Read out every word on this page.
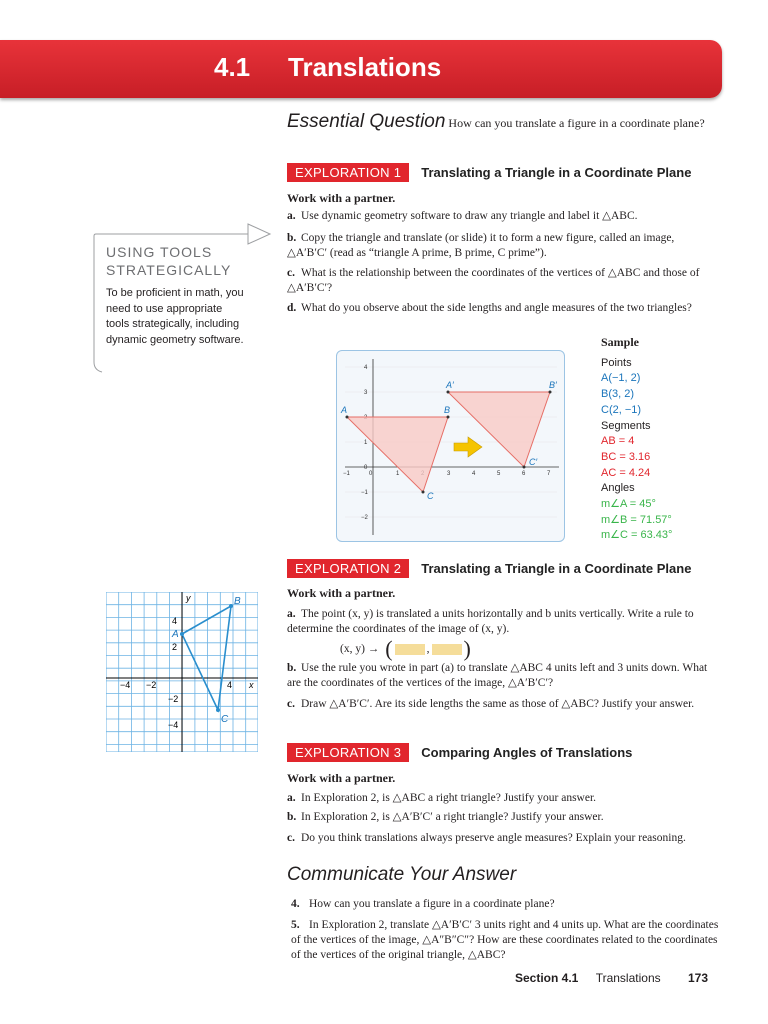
4.1 Translations
Essential Question How can you translate a figure in a coordinate plane?
EXPLORATION 1	Translating a Triangle in a Coordinate Plane
Work with a partner.
a. Use dynamic geometry software to draw any triangle and label it △ABC.
b. Copy the triangle and translate (or slide) it to form a new figure, called an image, △A′B′C′ (read as “triangle A prime, B prime, C prime”).
c. What is the relationship between the coordinates of the vertices of △ABC and those of △A′B′C′?
d. What do you observe about the side lengths and angle measures of the two triangles?
USING TOOLS STRATEGICALLY
To be proficient in math, you need to use appropriate tools strategically, including dynamic geometry software.
−1	0	1	3	4	5	6	7
4
3
1
0
−1
−2
A	B
C
A′	B′
C′
Sample
Points
A(−1, 2)
B(3, 2)
C(2, −1)
Segments
AB = 4
BC = 3.16
AC = 4.24
Angles
m∠A = 45°
m∠B = 71.57°
m∠C = 63.43°
EXPLORATION 2	Translating a Triangle in a Coordinate Plane
Work with a partner.
a. The point (x, y) is translated a units horizontally and b units vertically. Write a rule to determine the coordinates of the image of (x, y).
(x, y) → (	, )
b. Use the rule you wrote in part (a) to translate △ABC 4 units left and 3 units down. What are the coordinates of the vertices of the image, △A′B′C′?
c. Draw △A′B′C′. Are its side lengths the same as those of △ABC? Justify your answer.
−4 −2	4 x
y
4
2
−2
−4
A
B
C
EXPLORATION 3	Comparing Angles of Translations
Work with a partner.
a. In Exploration 2, is △ABC a right triangle? Justify your answer.
b. In Exploration 2, is △A′B′C′ a right triangle? Justify your answer.
c. Do you think translations always preserve angle measures? Explain your reasoning.
Communicate Your Answer
4. How can you translate a figure in a coordinate plane?
5. In Exploration 2, translate △A′B′C′ 3 units right and 4 units up. What are the coordinates of the vertices of the image, △A″B″C″? How are these coordinates related to the coordinates of the vertices of the original triangle, △ABC?
Section 4.1 Translations 173
